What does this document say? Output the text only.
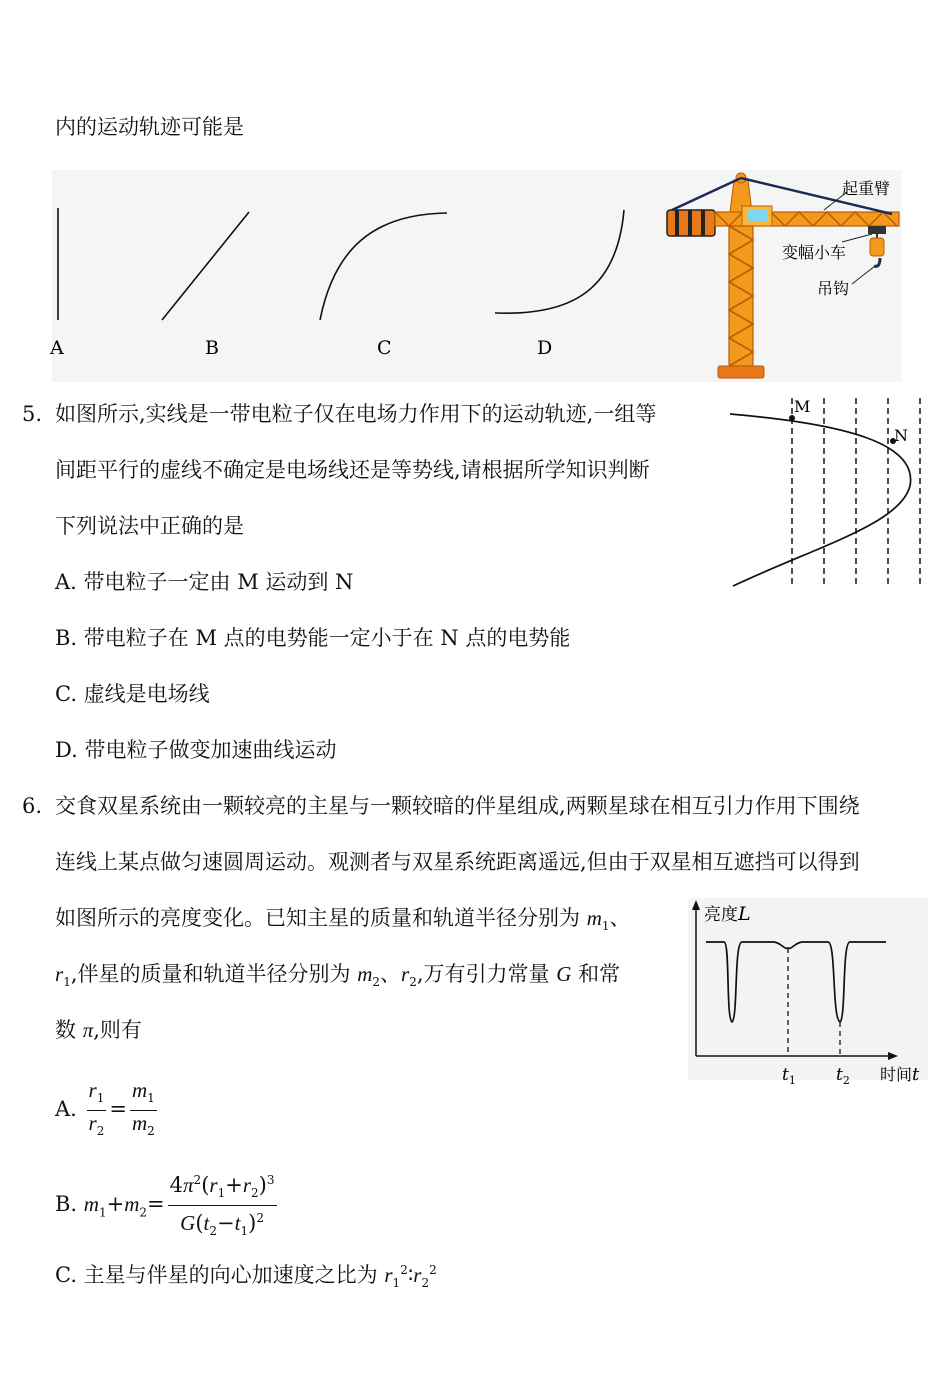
内的运动轨迹可能是
A	B	C	D
起重臂
变幅小车
吊钩
5. 如图所示,实线是一带电粒子仅在电场力作用下的运动轨迹,一组等
间距平行的虚线不确定是电场线还是等势线,请根据所学知识判断
下列说法中正确的是
A. 带电粒子一定由 M 运动到 N
B. 带电粒子在 M 点的电势能一定小于在 N 点的电势能
C. 虚线是电场线
D. 带电粒子做变加速曲线运动
M
N
6. 交食双星系统由一颗较亮的主星与一颗较暗的伴星组成,两颗星球在相互引力作用下围绕
连线上某点做匀速圆周运动。观测者与双星系统距离遥远,但由于双星相互遮挡可以得到
如图所示的亮度变化。已知主星的质量和轨道半径分别为 $m_1$、
$r_1$,伴星的质量和轨道半径分别为 $m_2$、$r_2$,万有引力常量 G 和常
数 π,则有
A. $\frac{r_1}{r_2} = \frac{m_1}{m_2}$
B. $m_1+m_2= \frac{4\pi^2(r_1+r_2)^3}{G(t_2-t_1)^2}$
C. 主星与伴星的向心加速度之比为 $r_1^2∶r_2^2$
亮度L
$t_1$ $t_2$ 时间t
